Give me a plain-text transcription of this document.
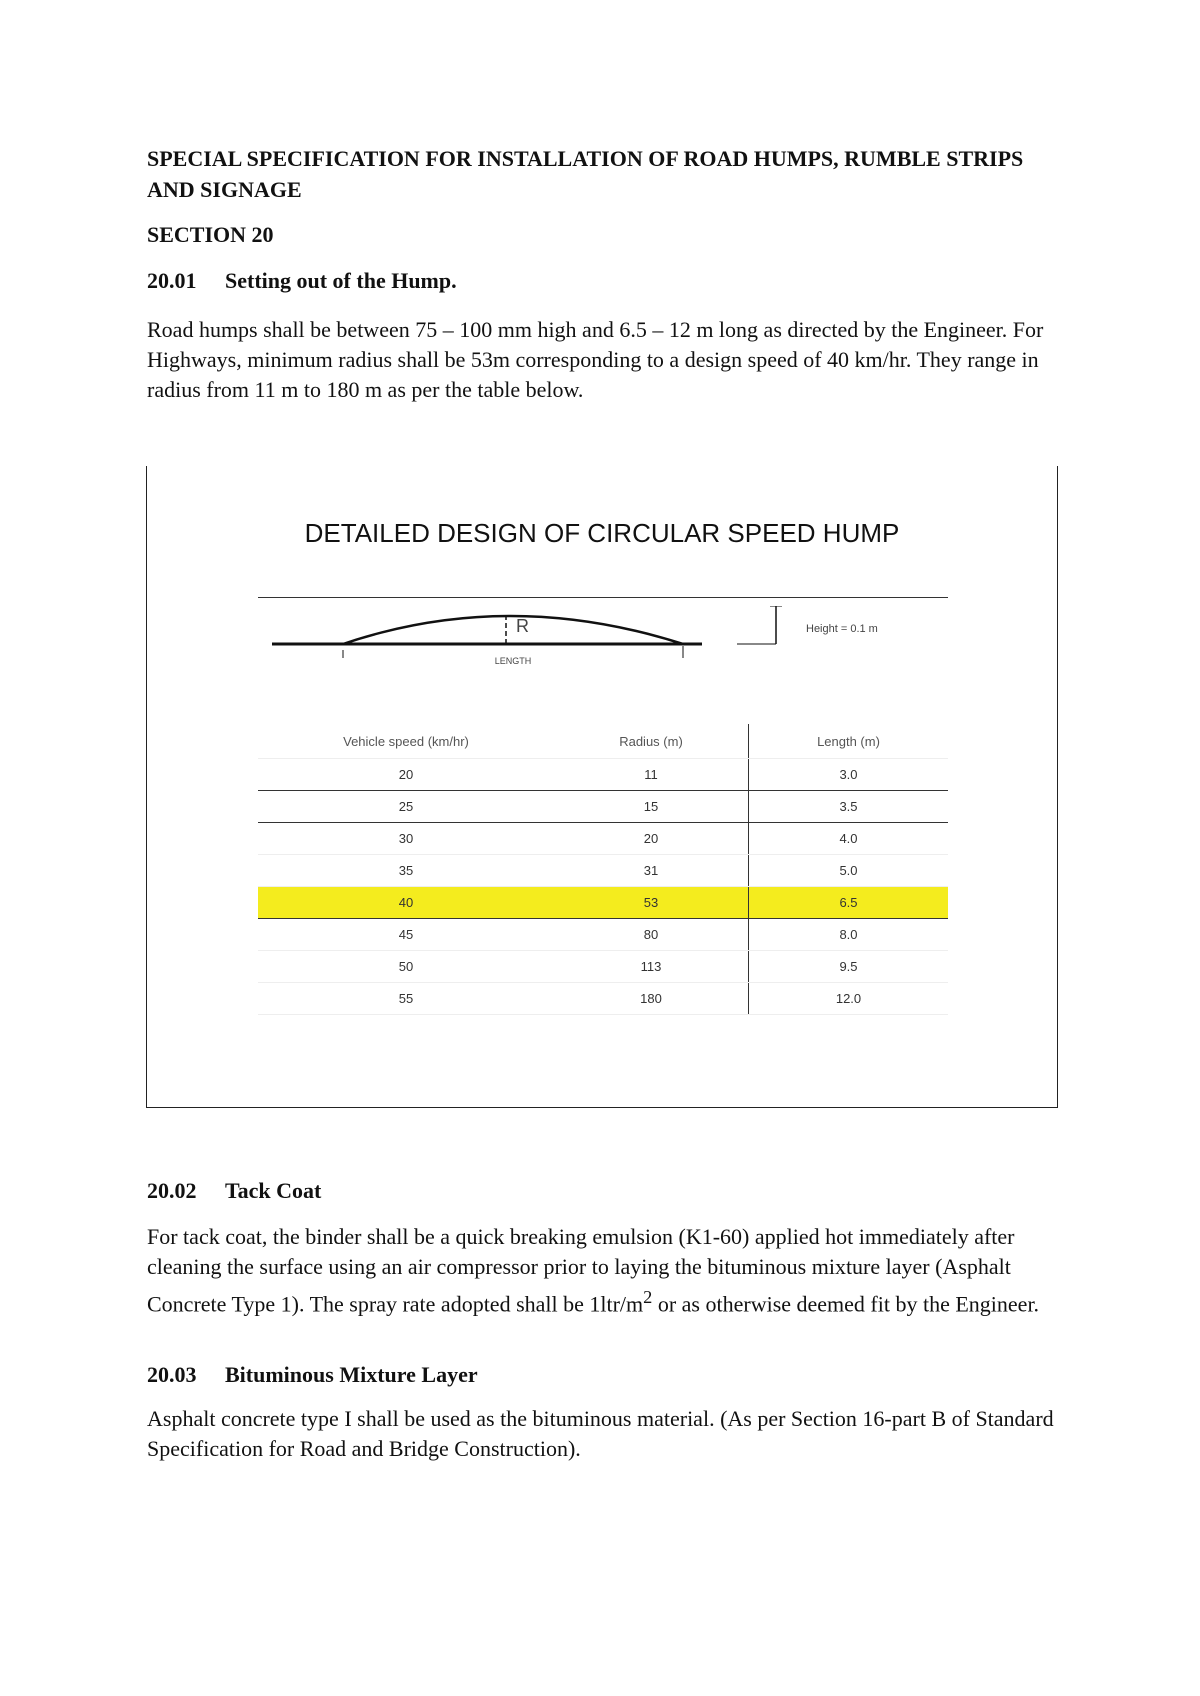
SPECIAL SPECIFICATION FOR INSTALLATION OF ROAD HUMPS, RUMBLE STRIPS AND SIGNAGE

SECTION 20

20.01 Setting out of the Hump.

Road humps shall be between 75 – 100 mm high and 6.5 – 12 m long as directed by the Engineer. For Highways, minimum radius shall be 53m corresponding to a design speed of 40 km/hr. They range in radius from 11 m to 180 m as per the table below.

DETAILED DESIGN OF CIRCULAR SPEED HUMP

R
LENGTH
Height = 0.1 m
Vehicle speed (km/hr)	Radius (m)	Length (m)
20	11	3.0
25	15	3.5
30	20	4.0
35	31	5.0
40	53	6.5
45	80	8.0
50	113	9.5
55	180	12.0

20.02 Tack Coat

For tack coat, the binder shall be a quick breaking emulsion (K1-60) applied hot immediately after cleaning the surface using an air compressor prior to laying the bituminous mixture layer (Asphalt Concrete Type 1). The spray rate adopted shall be $1ltr/m^2$ or as otherwise deemed fit by the Engineer.

20.03 Bituminous Mixture Layer

Asphalt concrete type I shall be used as the bituminous material. (As per Section 16-part B of Standard Specification for Road and Bridge Construction).
